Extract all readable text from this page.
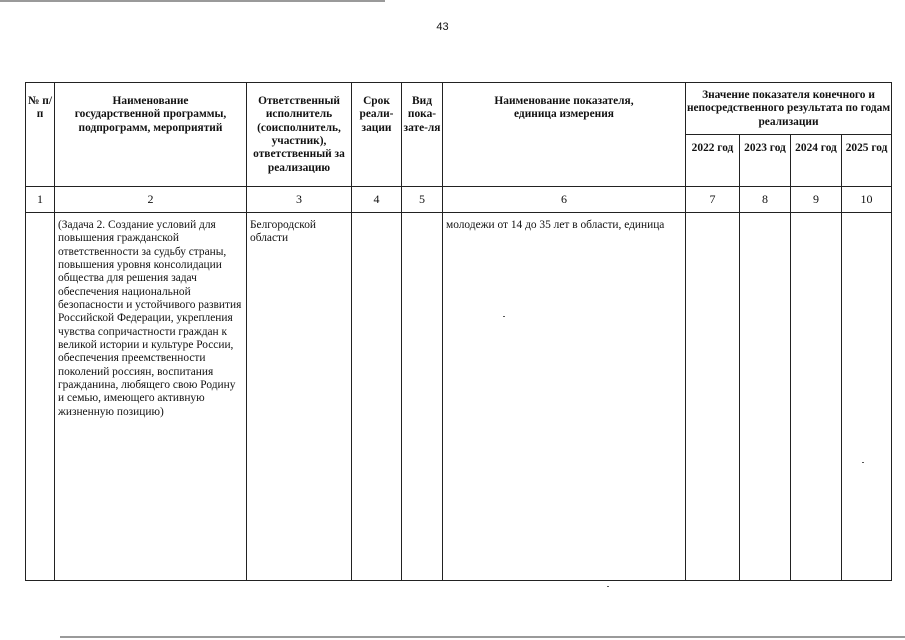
43
№ п/п	Наименование государственной программы, подпрограмм, мероприятий	Ответственный исполнитель (соисполнитель, участник), ответственный за реализацию	Срок реали-зации	Вид пока-зате-ля	Наименование показателя, единица измерения	Значение показателя конечного и непосредственного результата по годам реализации			
						2022 год	2023 год	2024 год	2025 год
1	2	3	4	5	6	7	8	9	10
	(Задача 2. Создание условий для повышения гражданской ответственности за судьбу страны, повышения уровня консолидации общества для решения задач обеспечения национальной безопасности и устойчивого развития Российской Федерации, укрепления чувства сопричастности граждан к великой истории и культуре России, обеспечения преемственности поколений россиян, воспитания гражданина, любящего свою Родину и семью, имеющего активную жизненную позицию)	Белгородской области			молодежи от 14 до 35 лет в области, единица				
